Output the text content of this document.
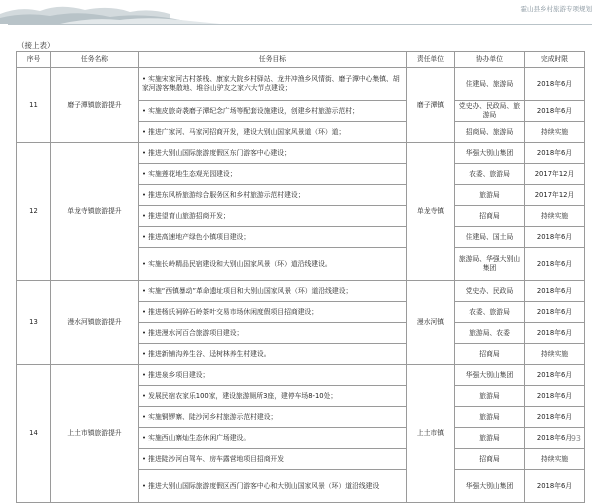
霍山县乡村旅游专项规划
（接上表）
序号	任务名称	任务目标	责任单位	协办单位	完成时限
11	磨子潭镇旅游提升	• 实施宋家河古村茶栈、康家大院乡村驿站、龙井冲渔乡风情街、磨子潭中心集镇、胡家河游客集散地、堆谷山驴友之家六大节点建设；	磨子潭镇	住建局、旅游局	2018年6月

		• 实施皮旅奇袭磨子潭纪念广场等配套设施建设，创建乡村旅游示范村；		党史办、民政局、旅游局	2018年6月

		• 推进广家河、马家河招商开发，建设大别山国家风景道（环）道；		招商局、旅游局	持续实施
12	单龙寺镇旅游提升	• 推进大别山国际旅游度假区东门游客中心建设；	单龙寺镇	华强大别山集团	2018年6月

		• 实施莲花地生态观光园建设；		农委、旅游局	2017年12月

		• 推进东风桥旅游综合服务区和乡村旅游示范村建设；		旅游局	2017年12月

		• 推进望育山旅游招商开发；		招商局	持续实施

		• 推进高速地产绿色小镇项目建设；		住建局、国土局	2018年6月

		• 实施长岭精品民宿建设和大别山国家风景（环）道沿线建设。		旅游局、华强大别山集团	2018年6月
13	漫水河镇旅游提升	• 实施“西镇暴动”革命遗址项目和大别山国家风景（环）道沿线建设；	漫水河镇	党史办、民政局	2018年6月

		• 推进杨氏祠碎石岭茶叶交易市场休闲度假项目招商建设；		农委、旅游局	2018年6月

		• 推进漫水河百合旅游项目建设；		旅游局、农委	2018年6月

		• 推进新铺沟养生谷、迳树林养生村建设。		招商局	持续实施
14	上土市镇旅游提升	• 推进泉乡项目建设；	上土市镇	华强大别山集团	2018年6月

		• 发展民宿农家乐100家，建设旅游厕所3座，建停车场8-10处；		旅游局	2018年6月

		• 实施铜锣寨、陡沙河乡村旅游示范村建设；		旅游局	2018年6月

		• 实施西山寨灿生态休闲广场建设。		旅游局	2018年6月

		• 推进陡沙河自驾车、房车露营地项目招商开发		招商局	持续实施

		• 推进大别山国际旅游度假区西门游客中心和大别山国家风景（环）道沿线建设		华强大别山集团	2018年6月
93
